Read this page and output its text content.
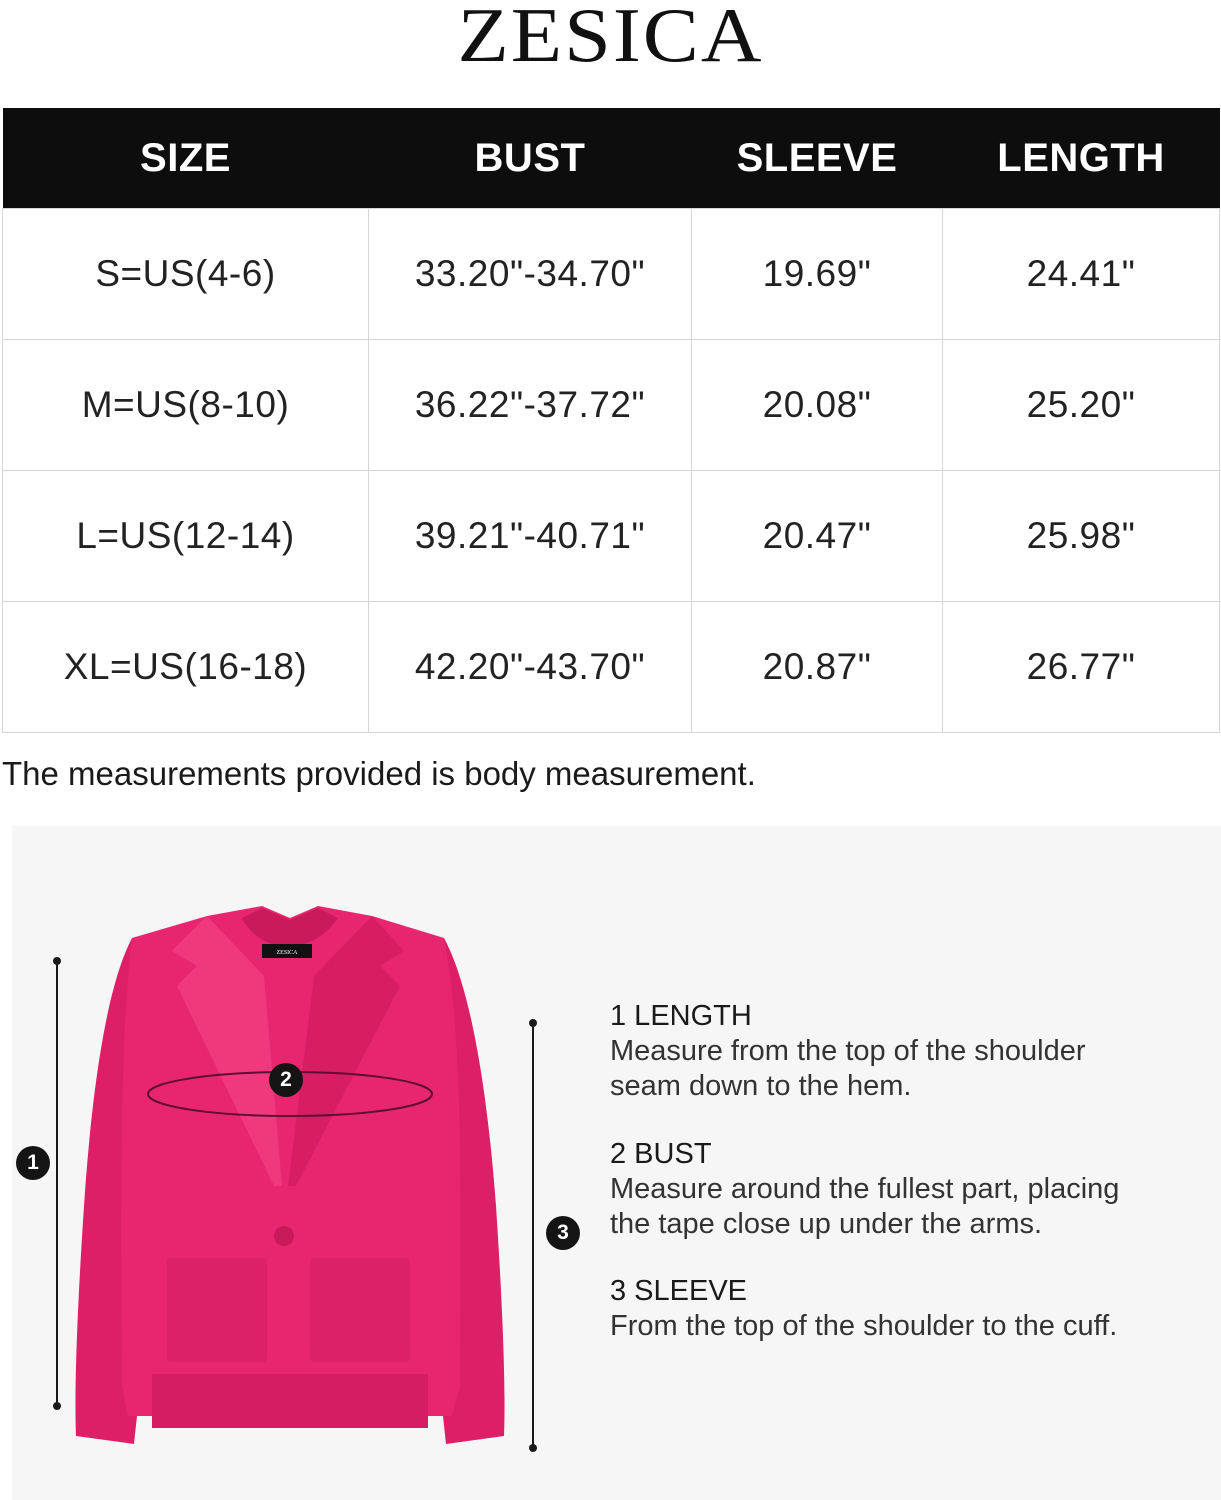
ZESICA
SIZE	BUST	SLEEVE	LENGTH
S=US(4-6)	33.20"-34.70"	19.69"	24.41"
M=US(8-10)	36.22"-37.72"	20.08"	25.20"
L=US(12-14)	39.21"-40.71"	20.47"	25.98"
XL=US(16-18)	42.20"-43.70"	20.87"	26.77"
The measurements provided is body measurement.
ZESICA
1
2
3
1 LENGTH
Measure from the top of the shoulder
seam down to the hem.
2 BUST
Measure around the fullest part, placing
the tape close up under the arms.
3 SLEEVE
From the top of the shoulder to the cuff.
